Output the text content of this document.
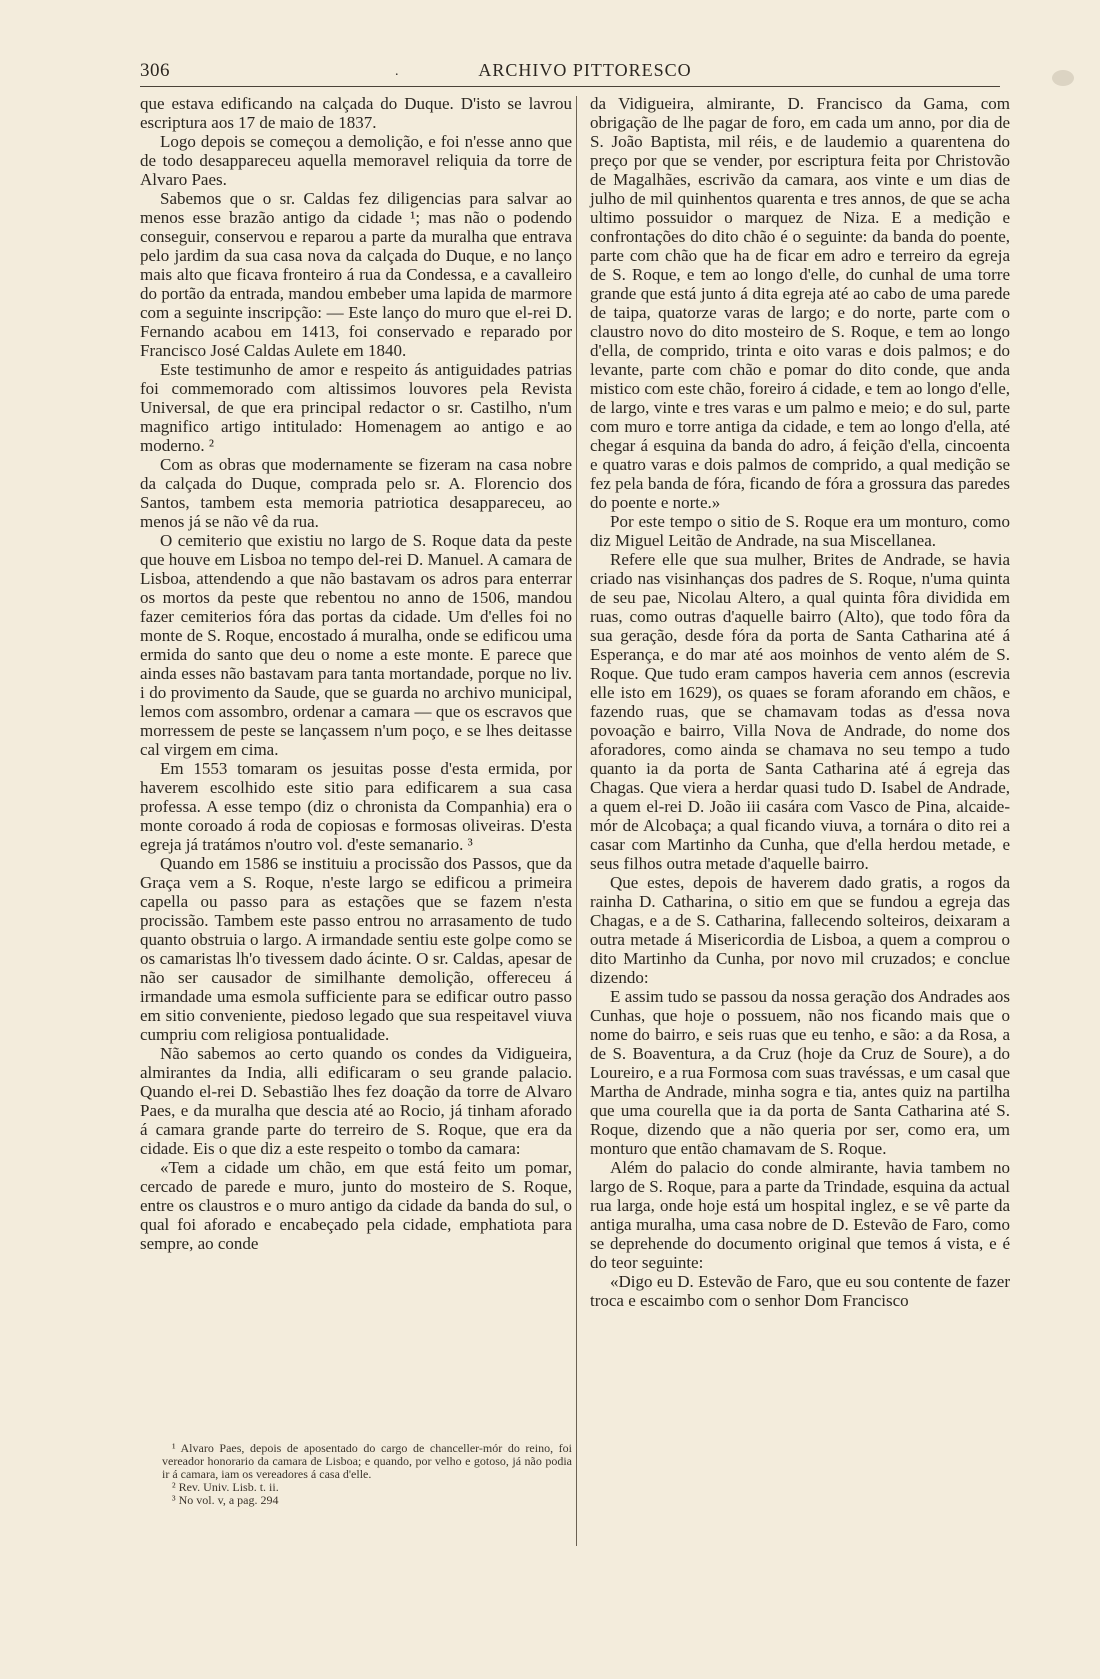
306	.	ARCHIVO PITTORESCO

que estava edificando na calçada do Duque. D'isto se lavrou escriptura aos 17 de maio de 1837.

Logo depois se começou a demolição, e foi n'esse anno que de todo desappareceu aquella memoravel reliquia da torre de Alvaro Paes.

Sabemos que o sr. Caldas fez diligencias para salvar ao menos esse brazão antigo da cidade ¹; mas não o podendo conseguir, conservou e reparou a parte da muralha que entrava pelo jardim da sua casa nova da calçada do Duque, e no lanço mais alto que ficava fronteiro á rua da Condessa, e a cavalleiro do portão da entrada, mandou embeber uma lapida de marmore com a seguinte inscripção: — Este lanço do muro que el-rei D. Fernando acabou em 1413, foi conservado e reparado por Francisco José Caldas Aulete em 1840.

Este testimunho de amor e respeito ás antiguidades patrias foi commemorado com altissimos louvores pela Revista Universal, de que era principal redactor o sr. Castilho, n'um magnifico artigo intitulado: Homenagem ao antigo e ao moderno. ²

Com as obras que modernamente se fizeram na casa nobre da calçada do Duque, comprada pelo sr. A. Florencio dos Santos, tambem esta memoria patriotica desappareceu, ao menos já se não vê da rua.

O cemiterio que existiu no largo de S. Roque data da peste que houve em Lisboa no tempo del-rei D. Manuel. A camara de Lisboa, attendendo a que não bastavam os adros para enterrar os mortos da peste que rebentou no anno de 1506, mandou fazer cemiterios fóra das portas da cidade. Um d'elles foi no monte de S. Roque, encostado á muralha, onde se edificou uma ermida do santo que deu o nome a este monte. E parece que ainda esses não bastavam para tanta mortandade, porque no liv. i do provimento da Saude, que se guarda no archivo municipal, lemos com assombro, ordenar a camara — que os escravos que morressem de peste se lançassem n'um poço, e se lhes deitasse cal virgem em cima.

Em 1553 tomaram os jesuitas posse d'esta ermida, por haverem escolhido este sitio para edificarem a sua casa professa. A esse tempo (diz o chronista da Companhia) era o monte coroado á roda de copiosas e formosas oliveiras. D'esta egreja já tratámos n'outro vol. d'este semanario. ³

Quando em 1586 se instituiu a procissão dos Passos, que da Graça vem a S. Roque, n'este largo se edificou a primeira capella ou passo para as estações que se fazem n'esta procissão. Tambem este passo entrou no arrasamento de tudo quanto obstruia o largo. A irmandade sentiu este golpe como se os camaristas lh'o tivessem dado ácinte. O sr. Caldas, apesar de não ser causador de similhante demolição, offereceu á irmandade uma esmola sufficiente para se edificar outro passo em sitio conveniente, piedoso legado que sua respeitavel viuva cumpriu com religiosa pontualidade.

Não sabemos ao certo quando os condes da Vidigueira, almirantes da India, alli edificaram o seu grande palacio. Quando el-rei D. Sebastião lhes fez doação da torre de Alvaro Paes, e da muralha que descia até ao Rocio, já tinham aforado á camara grande parte do terreiro de S. Roque, que era da cidade. Eis o que diz a este respeito o tombo da camara:

«Tem a cidade um chão, em que está feito um pomar, cercado de parede e muro, junto do mosteiro de S. Roque, entre os claustros e o muro antigo da cidade da banda do sul, o qual foi aforado e encabeçado pela cidade, emphatiota para sempre, ao conde

¹ Alvaro Paes, depois de aposentado do cargo de chanceller-mór do reino, foi vereador honorario da camara de Lisboa; e quando, por velho e gotoso, já não podia ir á camara, iam os vereadores á casa d'elle.

² Rev. Univ. Lisb. t. ii.

³ No vol. v, a pag. 294

da Vidigueira, almirante, D. Francisco da Gama, com obrigação de lhe pagar de foro, em cada um anno, por dia de S. João Baptista, mil réis, e de laudemio a quarentena do preço por que se vender, por escriptura feita por Christovão de Magalhães, escrivão da camara, aos vinte e um dias de julho de mil quinhentos quarenta e tres annos, de que se acha ultimo possuidor o marquez de Niza. E a medição e confrontações do dito chão é o seguinte: da banda do poente, parte com chão que ha de ficar em adro e terreiro da egreja de S. Roque, e tem ao longo d'elle, do cunhal de uma torre grande que está junto á dita egreja até ao cabo de uma parede de taipa, quatorze varas de largo; e do norte, parte com o claustro novo do dito mosteiro de S. Roque, e tem ao longo d'ella, de comprido, trinta e oito varas e dois palmos; e do levante, parte com chão e pomar do dito conde, que anda mistico com este chão, foreiro á cidade, e tem ao longo d'elle, de largo, vinte e tres varas e um palmo e meio; e do sul, parte com muro e torre antiga da cidade, e tem ao longo d'ella, até chegar á esquina da banda do adro, á feição d'ella, cincoenta e quatro varas e dois palmos de comprido, a qual medição se fez pela banda de fóra, ficando de fóra a grossura das paredes do poente e norte.»

Por este tempo o sitio de S. Roque era um monturo, como diz Miguel Leitão de Andrade, na sua Miscellanea.

Refere elle que sua mulher, Brites de Andrade, se havia criado nas visinhanças dos padres de S. Roque, n'uma quinta de seu pae, Nicolau Altero, a qual quinta fôra dividida em ruas, como outras d'aquelle bairro (Alto), que todo fôra da sua geração, desde fóra da porta de Santa Catharina até á Esperança, e do mar até aos moinhos de vento além de S. Roque. Que tudo eram campos haveria cem annos (escrevia elle isto em 1629), os quaes se foram aforando em chãos, e fazendo ruas, que se chamavam todas as d'essa nova povoação e bairro, Villa Nova de Andrade, do nome dos aforadores, como ainda se chamava no seu tempo a tudo quanto ia da porta de Santa Catharina até á egreja das Chagas. Que viera a herdar quasi tudo D. Isabel de Andrade, a quem el-rei D. João iii casára com Vasco de Pina, alcaide-mór de Alcobaça; a qual ficando viuva, a tornára o dito rei a casar com Martinho da Cunha, que d'ella herdou metade, e seus filhos outra metade d'aquelle bairro.

Que estes, depois de haverem dado gratis, a rogos da rainha D. Catharina, o sitio em que se fundou a egreja das Chagas, e a de S. Catharina, fallecendo solteiros, deixaram a outra metade á Misericordia de Lisboa, a quem a comprou o dito Martinho da Cunha, por novo mil cruzados; e conclue dizendo:

E assim tudo se passou da nossa geração dos Andrades aos Cunhas, que hoje o possuem, não nos ficando mais que o nome do bairro, e seis ruas que eu tenho, e são: a da Rosa, a de S. Boaventura, a da Cruz (hoje da Cruz de Soure), a do Loureiro, e a rua Formosa com suas travéssas, e um casal que Martha de Andrade, minha sogra e tia, antes quiz na partilha que uma courella que ia da porta de Santa Catharina até S. Roque, dizendo que a não queria por ser, como era, um monturo que então chamavam de S. Roque.

Além do palacio do conde almirante, havia tambem no largo de S. Roque, para a parte da Trindade, esquina da actual rua larga, onde hoje está um hospital inglez, e se vê parte da antiga muralha, uma casa nobre de D. Estevão de Faro, como se deprehende do documento original que temos á vista, e é do teor seguinte:

«Digo eu D. Estevão de Faro, que eu sou contente de fazer troca e escaimbo com o senhor Dom Francisco
